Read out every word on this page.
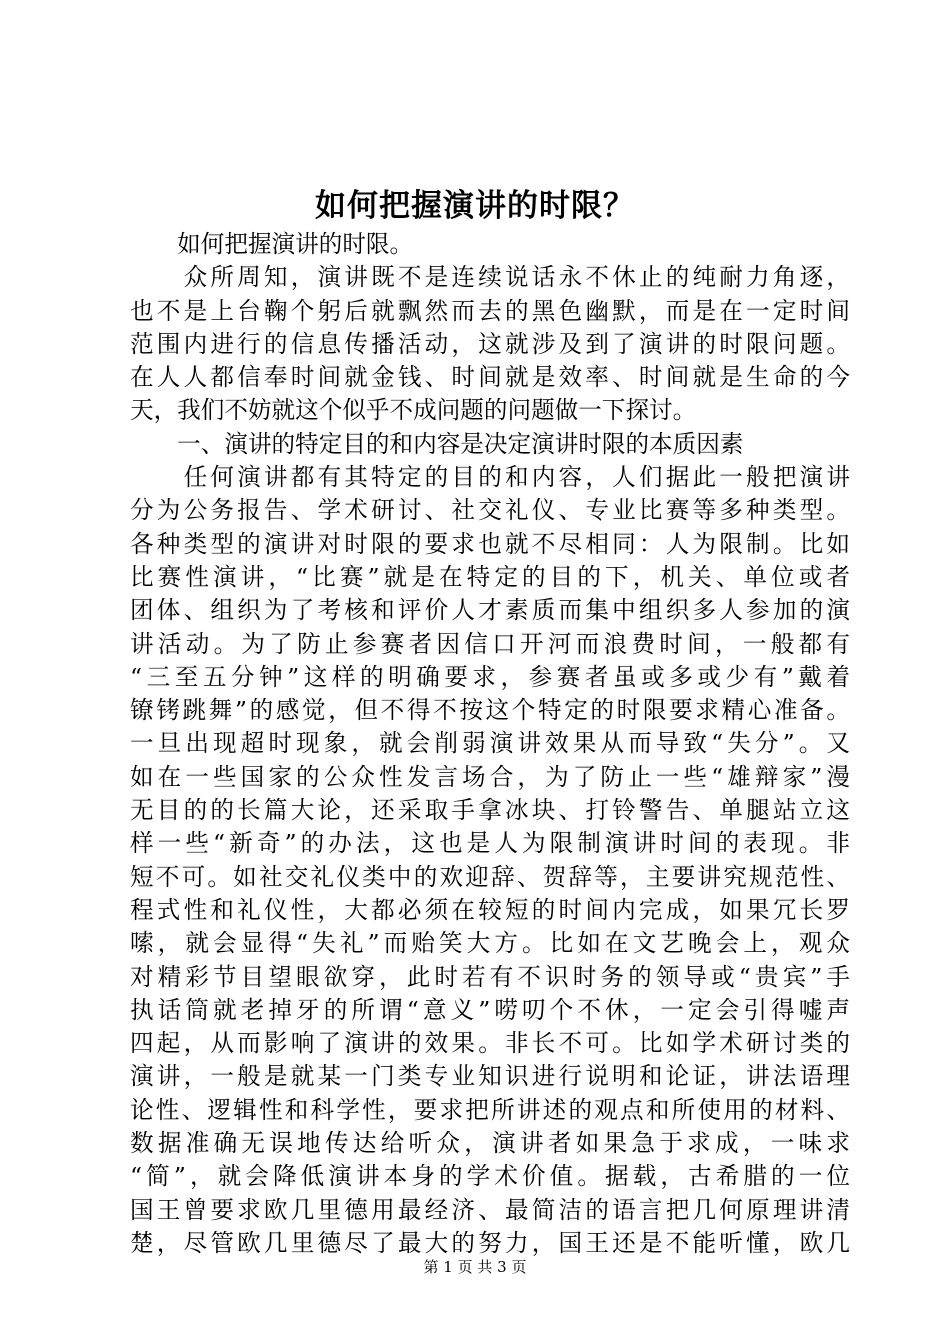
如何把握演讲的时限？
　　如何把握演讲的时限。
　　众所周知，演讲既不是连续说话永不休止的纯耐力角逐，
也不是上台鞠个躬后就飘然而去的黑色幽默，而是在一定时间
范围内进行的信息传播活动，这就涉及到了演讲的时限问题。
在人人都信奉时间就金钱、时间就是效率、时间就是生命的今
天，我们不妨就这个似乎不成问题的问题做一下探讨。
　　一、演讲的特定目的和内容是决定演讲时限的本质因素
　　任何演讲都有其特定的目的和内容，人们据此一般把演讲
分为公务报告、学术研讨、社交礼仪、专业比赛等多种类型。
各种类型的演讲对时限的要求也就不尽相同：人为限制。比如
比赛性演讲，“比赛”就是在特定的目的下，机关、单位或者
团体、组织为了考核和评价人才素质而集中组织多人参加的演
讲活动。为了防止参赛者因信口开河而浪费时间，一般都有
“三至五分钟”这样的明确要求，参赛者虽或多或少有”戴着
镣铐跳舞”的感觉，但不得不按这个特定的时限要求精心准备。
一旦出现超时现象，就会削弱演讲效果从而导致“失分”。又
如在一些国家的公众性发言场合，为了防止一些“雄辩家”漫
无目的的长篇大论，还采取手拿冰块、打铃警告、单腿站立这
样一些“新奇”的办法，这也是人为限制演讲时间的表现。非
短不可。如社交礼仪类中的欢迎辞、贺辞等，主要讲究规范性、
程式性和礼仪性，大都必须在较短的时间内完成，如果冗长罗
嗦，就会显得“失礼”而贻笑大方。比如在文艺晚会上，观众
对精彩节目望眼欲穿，此时若有不识时务的领导或“贵宾”手
执话筒就老掉牙的所谓“意义”唠叨个不休，一定会引得嘘声
四起，从而影响了演讲的效果。非长不可。比如学术研讨类的
演讲，一般是就某一门类专业知识进行说明和论证，讲法语理
论性、逻辑性和科学性，要求把所讲述的观点和所使用的材料、
数据准确无误地传达给听众，演讲者如果急于求成，一味求
“简”，就会降低演讲本身的学术价值。据载，古希腊的一位
国王曾要求欧几里德用最经济、最简洁的语言把几何原理讲清
楚，尽管欧几里德尽了最大的努力，国王还是不能听懂，欧几
第 1 页 共 3 页
